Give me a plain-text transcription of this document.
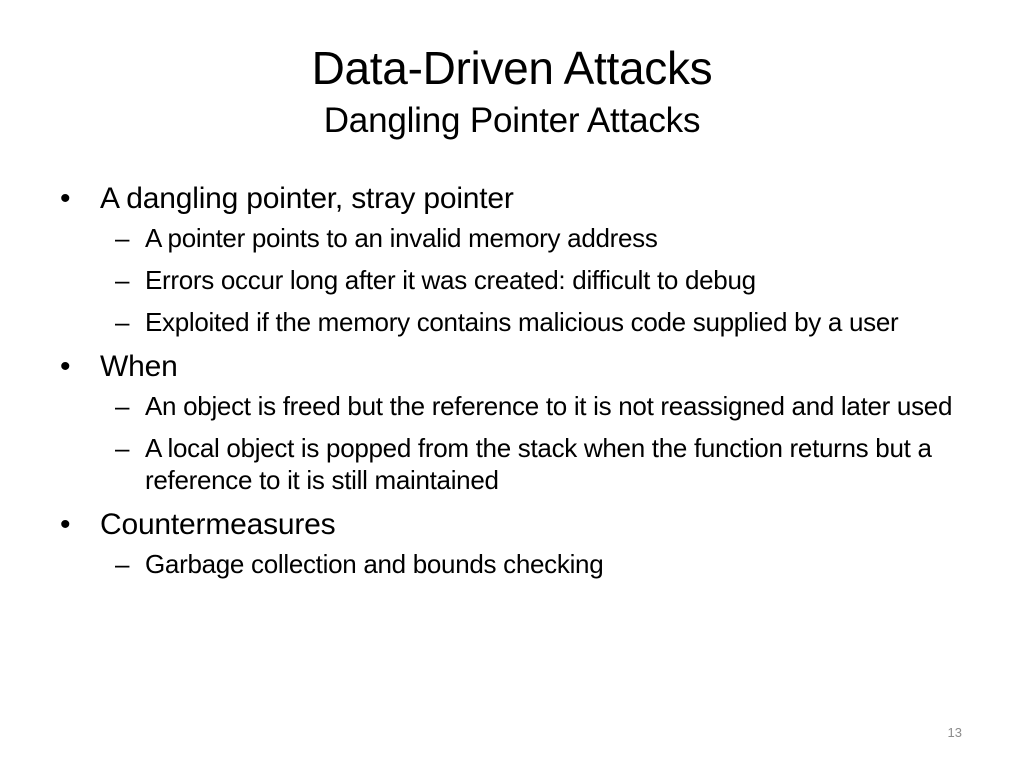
Data-Driven Attacks
Dangling Pointer Attacks
• A dangling pointer, stray pointer
– A pointer points to an invalid memory address
– Errors occur long after it was created: difficult to debug
– Exploited if the memory contains malicious code supplied by a user
• When
– An object is freed but the reference to it is not reassigned and later used
– A local object is popped from the stack when the function returns but a reference to it is still maintained
• Countermeasures
– Garbage collection and bounds checking
13
